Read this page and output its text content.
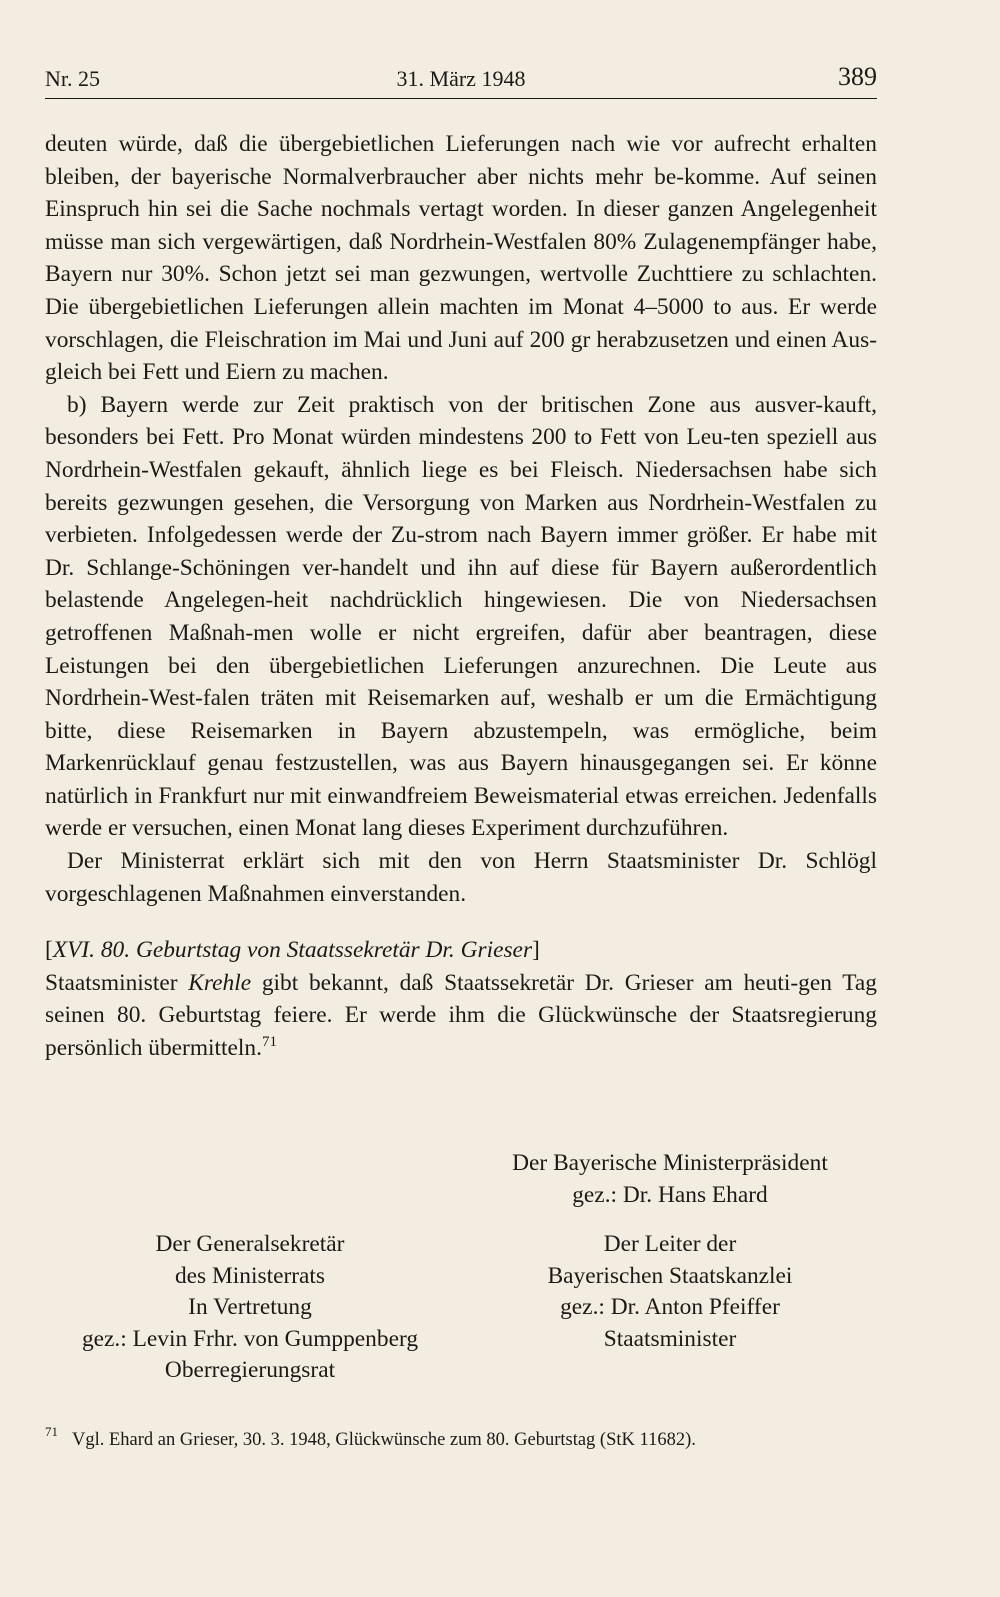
Nr. 25	31. März 1948	389

deuten würde, daß die übergebietlichen Lieferungen nach wie vor aufrecht erhalten bleiben, der bayerische Normalverbraucher aber nichts mehr be-komme. Auf seinen Einspruch hin sei die Sache nochmals vertagt worden. In dieser ganzen Angelegenheit müsse man sich vergewärtigen, daß Nordrhein-Westfalen 80% Zulagenempfänger habe, Bayern nur 30%. Schon jetzt sei man gezwungen, wertvolle Zuchttiere zu schlachten. Die übergebietlichen Lieferungen allein machten im Monat 4–5000 to aus. Er werde vorschlagen, die Fleischration im Mai und Juni auf 200 gr herabzusetzen und einen Aus-gleich bei Fett und Eiern zu machen.

b) Bayern werde zur Zeit praktisch von der britischen Zone aus ausver-kauft, besonders bei Fett. Pro Monat würden mindestens 200 to Fett von Leu-ten speziell aus Nordrhein-Westfalen gekauft, ähnlich liege es bei Fleisch. Niedersachsen habe sich bereits gezwungen gesehen, die Versorgung von Marken aus Nordrhein-Westfalen zu verbieten. Infolgedessen werde der Zu-strom nach Bayern immer größer. Er habe mit Dr. Schlange-Schöningen ver-handelt und ihn auf diese für Bayern außerordentlich belastende Angelegen-heit nachdrücklich hingewiesen. Die von Niedersachsen getroffenen Maßnah-men wolle er nicht ergreifen, dafür aber beantragen, diese Leistungen bei den übergebietlichen Lieferungen anzurechnen. Die Leute aus Nordrhein-West-falen träten mit Reisemarken auf, weshalb er um die Ermächtigung bitte, diese Reisemarken in Bayern abzustempeln, was ermögliche, beim Markenrücklauf genau festzustellen, was aus Bayern hinausgegangen sei. Er könne natürlich in Frankfurt nur mit einwandfreiem Beweismaterial etwas erreichen. Jedenfalls werde er versuchen, einen Monat lang dieses Experiment durchzuführen.

Der Ministerrat erklärt sich mit den von Herrn Staatsminister Dr. Schlögl vorgeschlagenen Maßnahmen einverstanden.

[XVI. 80. Geburtstag von Staatssekretär Dr. Grieser]

Staatsminister Krehle gibt bekannt, daß Staatssekretär Dr. Grieser am heuti-gen Tag seinen 80. Geburtstag feiere. Er werde ihm die Glückwünsche der Staatsregierung persönlich übermitteln.$^{71}$

Der Bayerische Ministerpräsident
gez.: Dr. Hans Ehard
Der Generalsekretär
des Ministerrats
In Vertretung
gez.: Levin Frhr. von Gumppenberg
Oberregierungsrat
Der Leiter der
Bayerischen Staatskanzlei
gez.: Dr. Anton Pfeiffer
Staatsminister
$^{71}$ Vgl. Ehard an Grieser, 30. 3. 1948, Glückwünsche zum 80. Geburtstag (StK 11682).
